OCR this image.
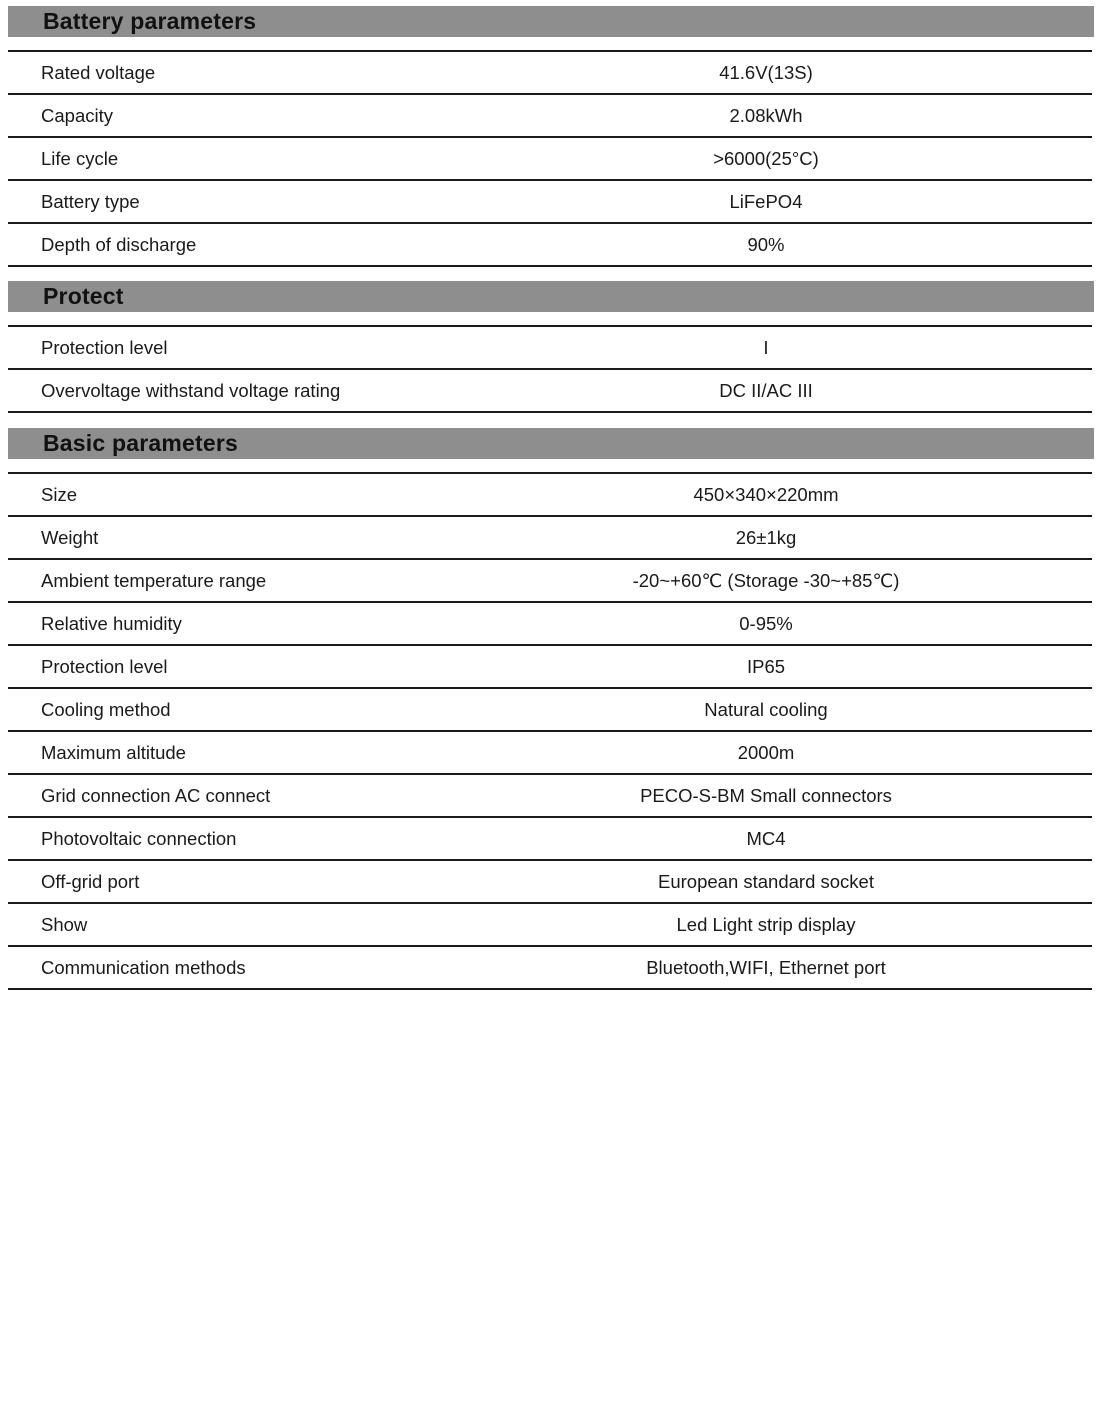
Battery parameters
Rated voltage	41.6V(13S)
Capacity	2.08kWh
Life cycle	>6000(25°C)
Battery type	LiFePO4
Depth of discharge	90%
Protect
Protection level	I
Overvoltage withstand voltage rating	DC II/AC III
Basic parameters
Size	450×340×220mm
Weight	26±1kg
Ambient temperature range	-20~+60℃ (Storage -30~+85℃)
Relative humidity	0-95%
Protection level	IP65
Cooling method	Natural cooling
Maximum altitude	2000m
Grid connection AC connect	PECO-S-BM Small connectors
Photovoltaic connection	MC4
Off-grid port	European standard socket
Show	Led Light strip display
Communication methods	Bluetooth,WIFI, Ethernet port
